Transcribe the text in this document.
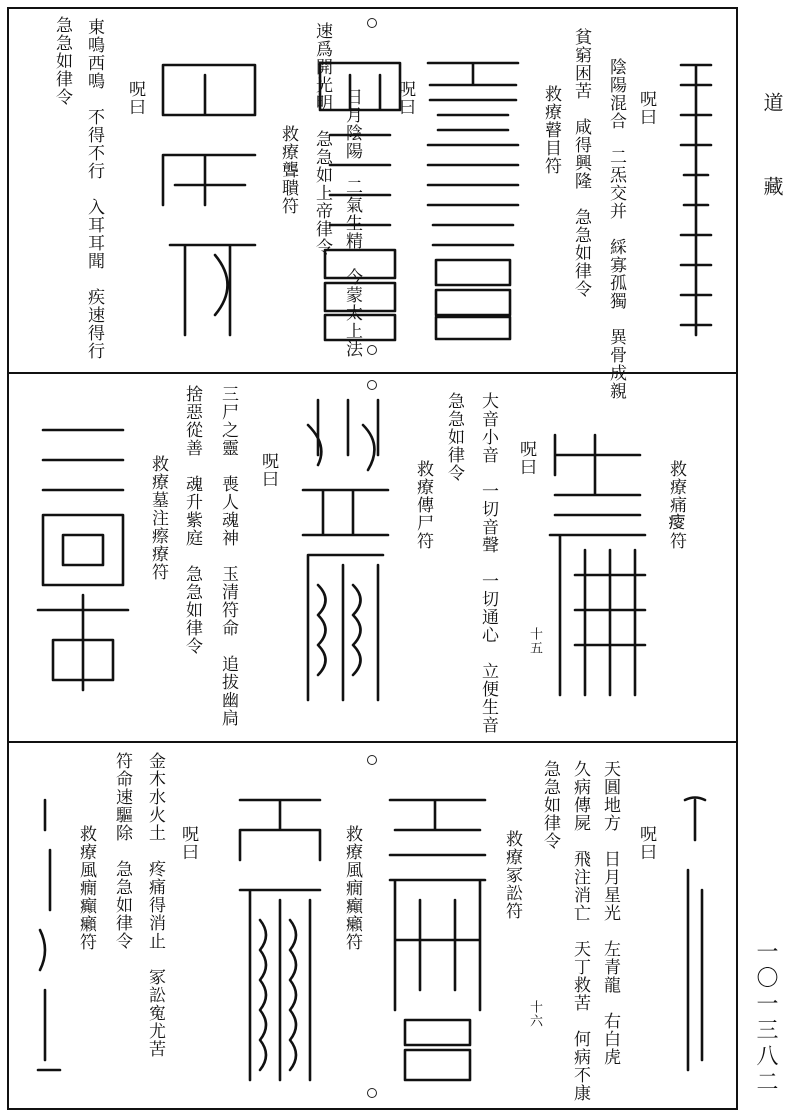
道
藏
一〇一三八二
陰陽混合　二炁交并　綵寡孤獨　異骨成親
貧窮困苦　咸得興隆　急急如律令	呪曰
救療瞽目符
呪曰
日月陰陽　二氣生精　今蒙太上法
速爲開光明　急急如上帝律令
救療聾聵符
呪曰
東鳴西鳴　不得不行　入耳耳聞　疾速得行
急急如律令
救療痛𤸃符
呪曰
十五
大音小音　一切音聲　一切通心　立便生音
急急如律令
救療傳尸符
呪曰
三尸之靈　喪人魂神　玉清符命　追拔幽扃
捨惡從善　魂升紫庭　急急如律令
救療墓注瘵療符
呪曰
天圓地方　日月星光　左青龍　右白虎
久病傳屍　飛注消亡　天丁救苦　何病不康
急急如律令
救療冢訟符
十六
救療風癇癲癩符
呪曰
金木水火土　疼痛得消止　冢訟寃尤苦
符命速驅除　急急如律令
救療風癇癲癩符
